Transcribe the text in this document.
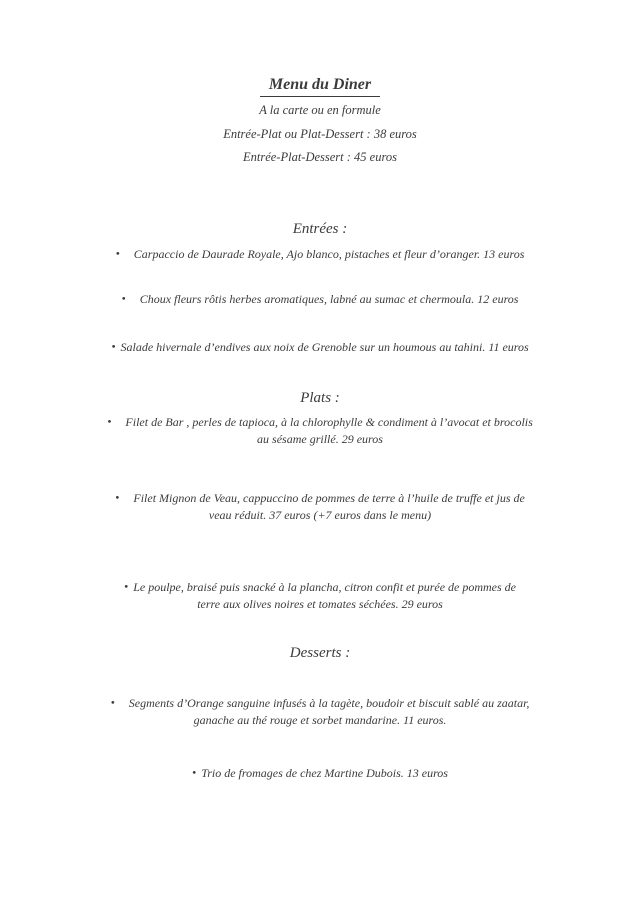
Menu du Diner
A la carte ou en formule
Entrée-Plat ou Plat-Dessert : 38 euros
Entrée-Plat-Dessert : 45 euros
Entrées :
• Carpaccio de Daurade Royale, Ajo blanco, pistaches et fleur d’oranger. 13 euros
• Choux fleurs rôtis herbes aromatiques, labné au sumac et chermoula. 12 euros
• Salade hivernale d’endives aux noix de Grenoble sur un houmous au tahini. 11 euros
Plats :
• Filet de Bar , perles de tapioca, à la chlorophylle & condiment à l’avocat et brocolis
au sésame grillé. 29 euros
• Filet Mignon de Veau, cappuccino de pommes de terre à l’huile de truffe et jus de
veau réduit. 37 euros (+7 euros dans le menu)
• Le poulpe, braisé puis snacké à la plancha, citron confit et purée de pommes de
terre aux olives noires et tomates séchées. 29 euros
Desserts :
• Segments d’Orange sanguine infusés à la tagète, boudoir et biscuit sablé au zaatar,
ganache au thé rouge et sorbet mandarine. 11 euros.
• Trio de fromages de chez Martine Dubois. 13 euros
